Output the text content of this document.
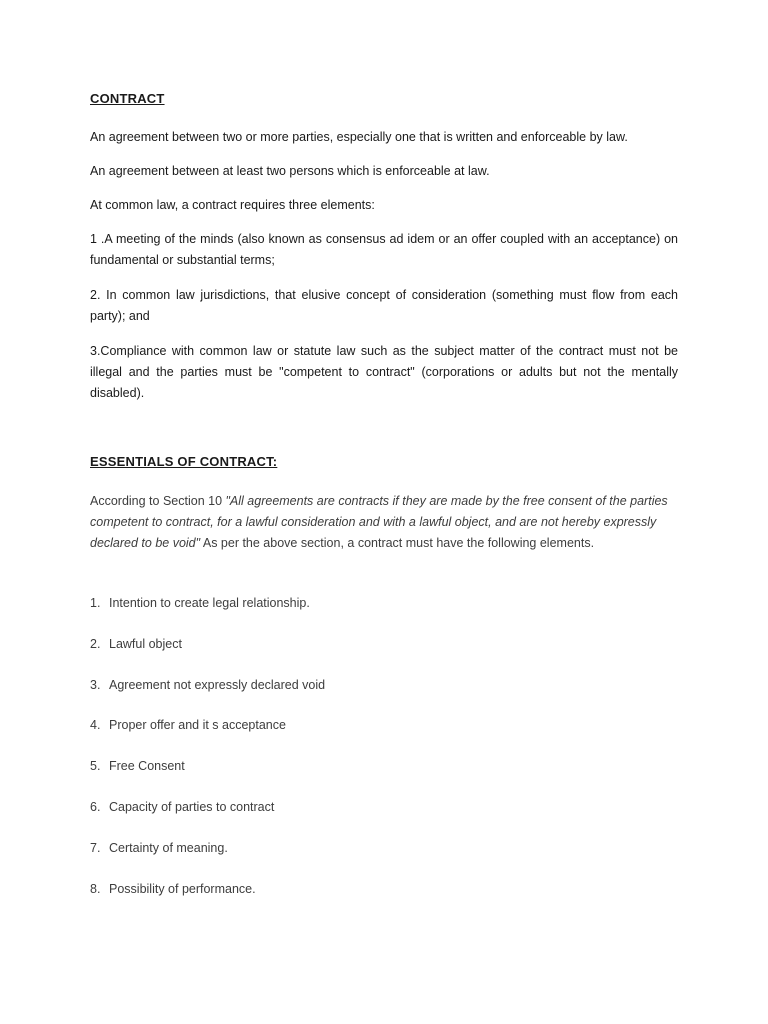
CONTRACT

An agreement between two or more parties, especially one that is written and enforceable by law.

An agreement between at least two persons which is enforceable at law.

At common law, a contract requires three elements:

1 .A meeting of the minds (also known as consensus ad idem or an offer coupled with an acceptance) on fundamental or substantial terms;

2. In common law jurisdictions, that elusive concept of consideration (something must flow from each party); and

3.Compliance with common law or statute law such as the subject matter of the contract must not be illegal and the parties must be "competent to contract" (corporations or adults but not the mentally disabled).

ESSENTIALS OF CONTRACT:

According to Section 10 "All agreements are contracts if they are made by the free consent of the parties competent to contract, for a lawful consideration and with a lawful object, and are not hereby expressly declared to be void" As per the above section, a contract must have the following elements.

1. Intention to create legal relationship.
2. Lawful object
3. Agreement not expressly declared void
4. Proper offer and it s acceptance
5. Free Consent
6. Capacity of parties to contract
7. Certainty of meaning.
8. Possibility of performance.
